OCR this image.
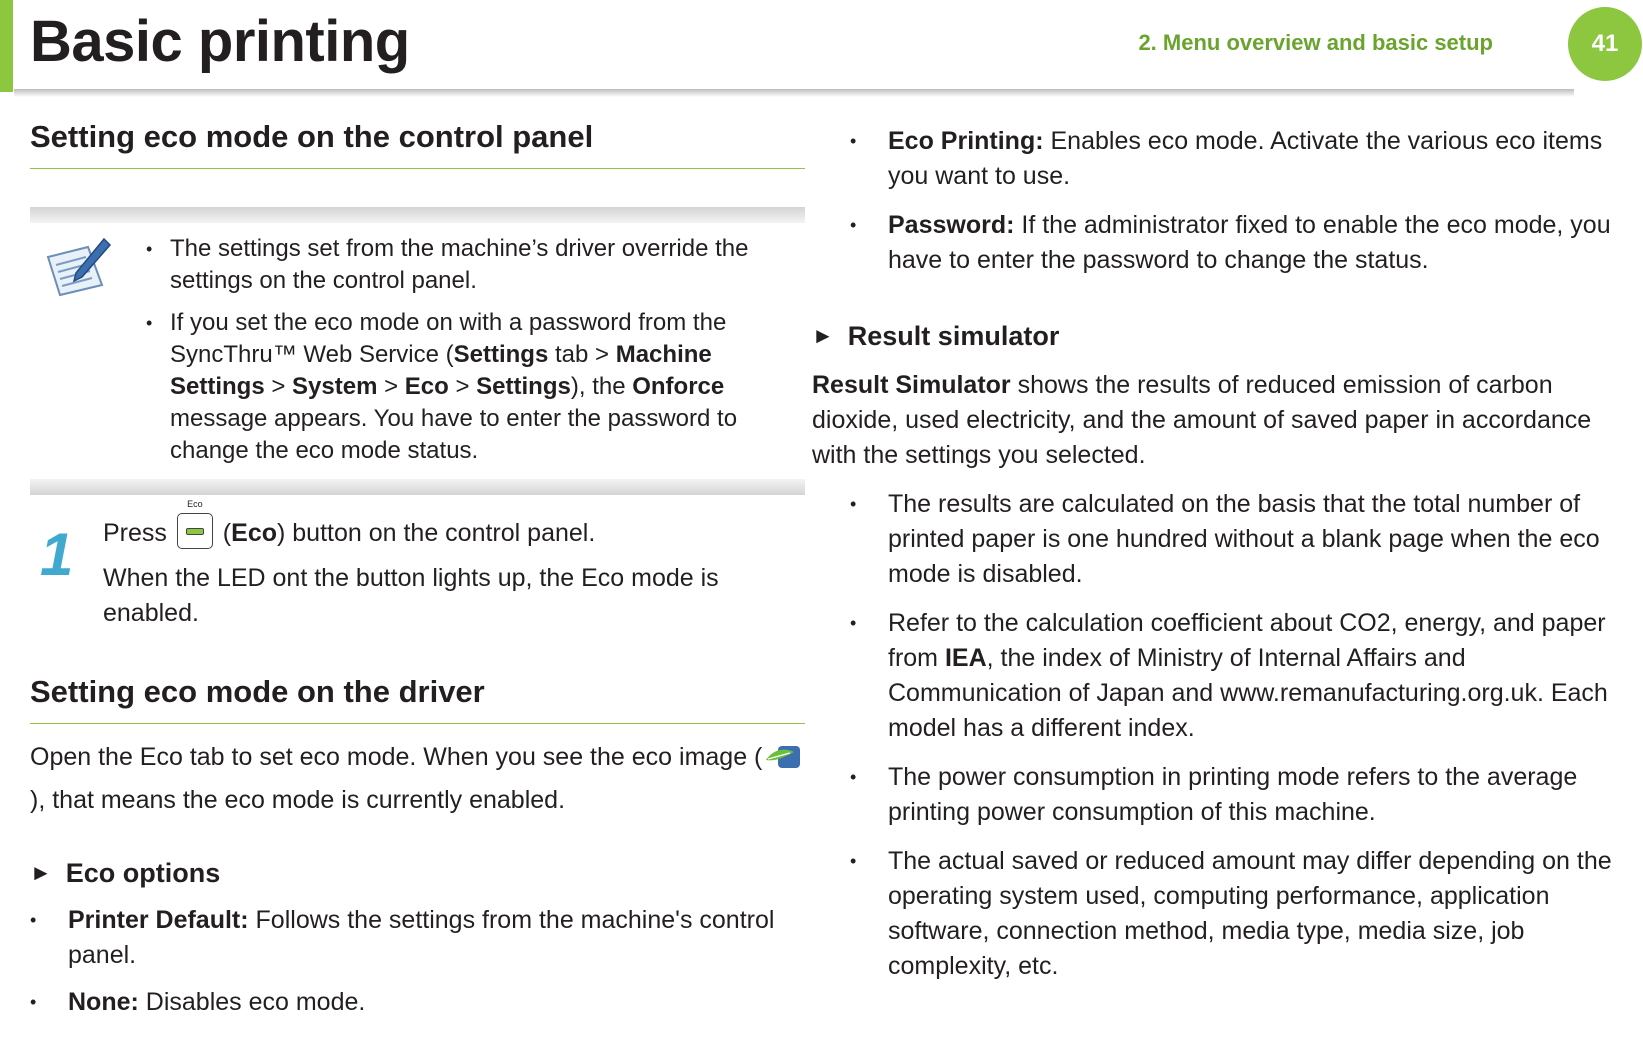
Basic printing	2. Menu overview and basic setup	41
Setting eco mode on the control panel
• The settings set from the machine’s driver override the settings on the control panel.
• If you set the eco mode on with a password from the SyncThru™ Web Service (Settings tab > Machine Settings > System > Eco > Settings), the Onforce message appears. You have to enter the password to change the eco mode status.
1 Press
Eco
(Eco) button on the control panel.

When the LED ont the button lights up, the Eco mode is enabled.

Setting eco mode on the driver

Open the Eco tab to set eco mode. When you see the eco image (), that means the eco mode is currently enabled.

► Eco options

• Printer Default: Follows the settings from the machine's control panel.
• None: Disables eco mode.
• Eco Printing: Enables eco mode. Activate the various eco items you want to use.
• Password: If the administrator fixed to enable the eco mode, you have to enter the password to change the status.

► Result simulator

Result Simulator shows the results of reduced emission of carbon dioxide, used electricity, and the amount of saved paper in accordance with the settings you selected.

• The results are calculated on the basis that the total number of printed paper is one hundred without a blank page when the eco mode is disabled.
• Refer to the calculation coefficient about CO2, energy, and paper from IEA, the index of Ministry of Internal Affairs and Communication of Japan and www.remanufacturing.org.uk. Each model has a different index.
• The power consumption in printing mode refers to the average printing power consumption of this machine.
• The actual saved or reduced amount may differ depending on the operating system used, computing performance, application software, connection method, media type, media size, job complexity, etc.
